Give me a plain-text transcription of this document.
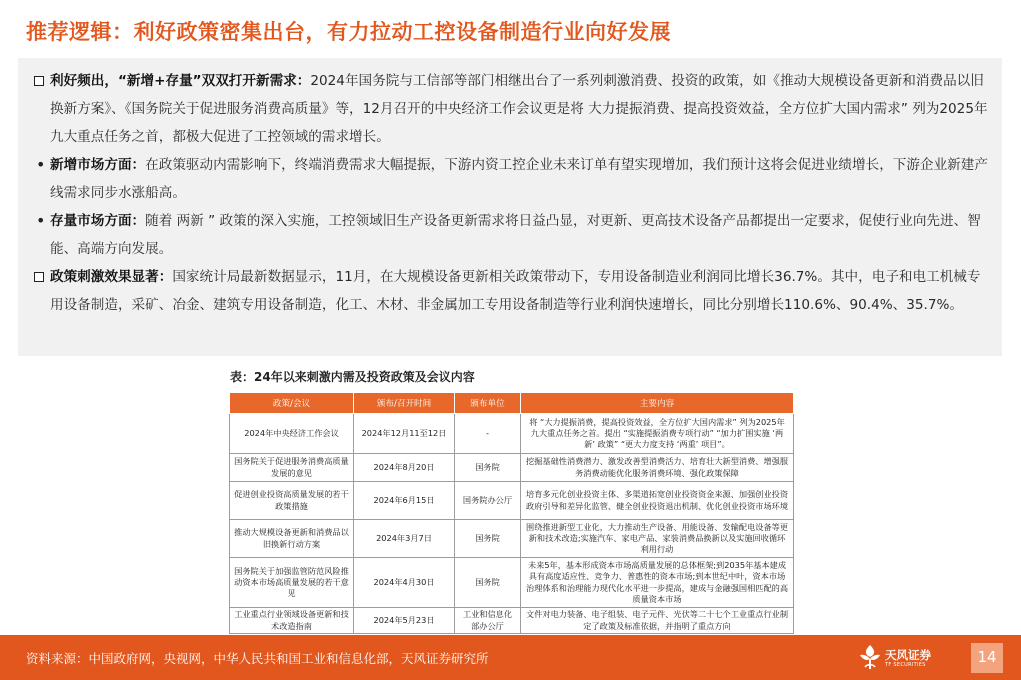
推荐逻辑：利好政策密集出台，有力拉动工控设备制造行业向好发展
利好频出，“新增+存量”双双打开新需求：2024年国务院与工信部等部门相继出台了一系列刺激消费、投资的政策，如《推动大规模设备更新和消费品以旧换新方案》、《国务院关于促进服务消费高质量》等，12月召开的中央经济工作会议更是将 大力提振消费、提高投资效益，全方位扩大国内需求” 列为2025年九大重点任务之首，都极大促进了工控领域的需求增长。
• 新增市场方面：在政策驱动内需影响下，终端消费需求大幅提振，下游内资工控企业未来订单有望实现增加，我们预计这将会促进业绩增长，下游企业新建产线需求同步水涨船高。
• 存量市场方面：随着 两新 ” 政策的深入实施，工控领域旧生产设备更新需求将日益凸显，对更新、更高技术设备产品都提出一定要求，促使行业向先进、智能、高端方向发展。
政策刺激效果显著：国家统计局最新数据显示，11月，在大规模设备更新相关政策带动下，专用设备制造业利润同比增长36.7%。其中，电子和电工机械专用设备制造，采矿、冶金、建筑专用设备制造，化工、木材、非金属加工专用设备制造等行业利润快速增长，同比分别增长110.6%、90.4%、35.7%。
表：24年以来刺激内需及投资政策及会议内容
政策/会议	颁布/召开时间	颁布单位	主要内容
2024年中央经济工作会议	2024年12月11至12日	-	将 “大力提振消费，提高投资效益，全方位扩大国内需求” 列为2025年九大重点任务之首。提出 “实施提振消费专项行动” “加力扩围实施 ‘两新’ 政策” “更大力度支持 ‘两重’ 项目”。
国务院关于促进服务消费高质量发展的意见	2024年8月20日	国务院	挖掘基础性消费潜力、激发改善型消费活力、培育壮大新型消费、增强服务消费动能优化服务消费环境、强化政策保障
促进创业投资高质量发展的若干政策措施	2024年6月15日	国务院办公厅	培育多元化创业投资主体、多渠道拓宽创业投资资金来源、加强创业投资政府引导和差异化监管、健全创业投资退出机制、优化创业投资市场环境
推动大规模设备更新和消费品以旧换新行动方案	2024年3月7日	国务院	围绕推进新型工业化，大力推动生产设备、用能设备、发输配电设备等更新和技术改造;实施汽车、家电产品、家装消费品换新以及实施回收循环利用行动
国务院关于加强监管防范风险推动资本市场高质量发展的若干意见	2024年4月30日	国务院	未来5年，基本形成资本市场高质量发展的总体框架;到2035年基本建成具有高度适应性、竞争力、普惠性的资本市场;到本世纪中叶，资本市场治理体系和治理能力现代化水平进一步提高，建成与金融强国相匹配的高质量资本市场
工业重点行业领域设备更新和技术改造指南	2024年5月23日	工业和信息化部办公厅	文件对电力装备、电子组装、电子元件、光伏等二十七个工业重点行业制定了政策及标准依据，并指明了重点方向
资料来源：中国政府网，央视网，中华人民共和国工业和信息化部，天风证券研究所	天风证券
TF SECURITIES	14
